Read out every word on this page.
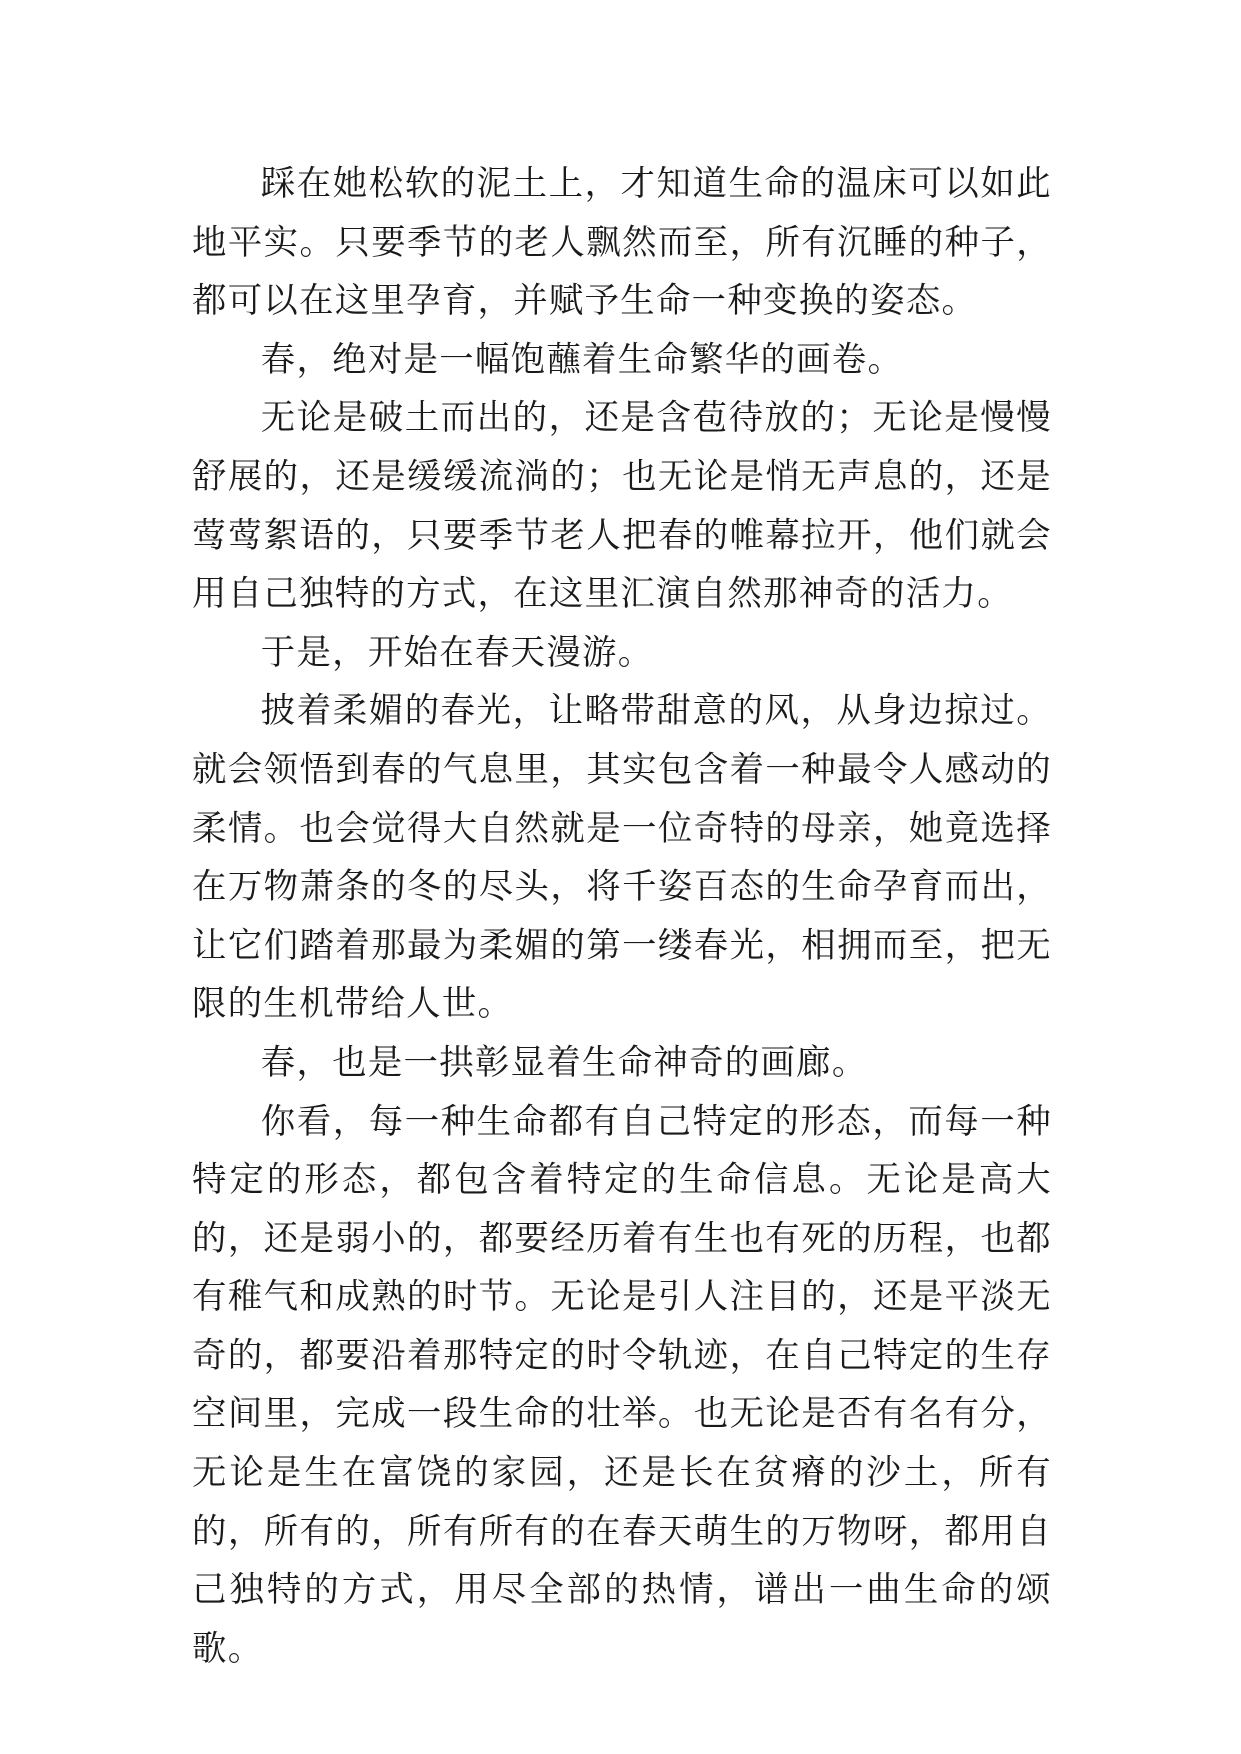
踩在她松软的泥土上，才知道生命的温床可以如此地平实。只要季节的老人飘然而至，所有沉睡的种子，都可以在这里孕育，并赋予生命一种变换的姿态。

春，绝对是一幅饱蘸着生命繁华的画卷。

无论是破土而出的，还是含苞待放的；无论是慢慢舒展的，还是缓缓流淌的；也无论是悄无声息的，还是莺莺絮语的，只要季节老人把春的帷幕拉开，他们就会用自己独特的方式，在这里汇演自然那神奇的活力。

于是，开始在春天漫游。

披着柔媚的春光，让略带甜意的风，从身边掠过。就会领悟到春的气息里，其实包含着一种最令人感动的柔情。也会觉得大自然就是一位奇特的母亲，她竟选择在万物萧条的冬的尽头，将千姿百态的生命孕育而出，让它们踏着那最为柔媚的第一缕春光，相拥而至，把无限的生机带给人世。

春，也是一拱彰显着生命神奇的画廊。

你看，每一种生命都有自己特定的形态，而每一种特定的形态，都包含着特定的生命信息。无论是高大的，还是弱小的，都要经历着有生也有死的历程，也都有稚气和成熟的时节。无论是引人注目的，还是平淡无奇的，都要沿着那特定的时令轨迹，在自己特定的生存空间里，完成一段生命的壮举。也无论是否有名有分，无论是生在富饶的家园，还是长在贫瘠的沙土，所有的，所有的，所有所有的在春天萌生的万物呀，都用自己独特的方式，用尽全部的热情，谱出一曲生命的颂歌。
